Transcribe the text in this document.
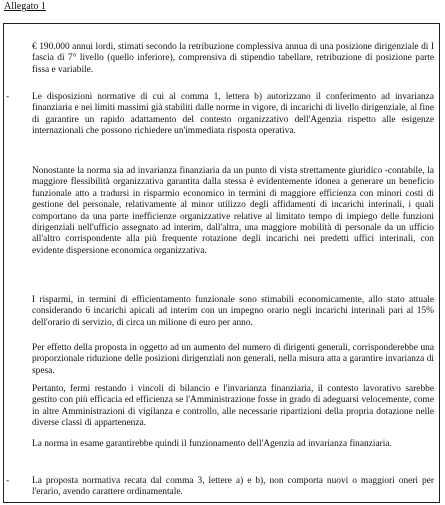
Allegato 1

€ 190.000 annui lordi, stimati secondo la retribuzione complessiva annua di una posizione dirigenziale di I fascia di 7° livello (quello inferiore), comprensiva di stipendio tabellare, retribuzione di posizione parte fissa e variabile.

- Le disposizioni normative di cui al comma 1, lettera b) autorizzano il conferimento ad invarianza finanziaria e nei limiti massimi già stabiliti dalle norme in vigore, di incarichi di livello dirigenziale, al fine di garantire un rapido adattamento del contesto organizzativo dell'Agenzia rispetto alle esigenze internazionali che possono richiedere un'immediata risposta operativa.

Nonostante la norma sia ad invarianza finanziaria da un punto di vista strettamente giuridico -contabile, la maggiore flessibilità organizzativa garantita dalla stessa è evidentemente idonea a generare un beneficio funzionale atto a tradursi in risparmio economico in termini di maggiore efficienza con minori costi di gestione del personale, relativamente al minor utilizzo degli affidamenti di incarichi interinali, i quali comportano da una parte inefficienze organizzative relative al limitato tempo di impiego delle funzioni dirigenziali nell'ufficio assegnato ad interim, dall'altra, una maggiore mobilità di personale da un ufficio all'altro corrispondente alla più frequente rotazione degli incarichi nei predetti uffici interinali, con evidente dispersione economica organizzativa.

I risparmi, in termini di efficientamento funzionale sono stimabili economicamente, allo stato attuale considerando 6 incarichi apicali ad interim con un impegno orario negli incarichi interinali pari al 15% dell'orario di servizio, di circa un milione di euro per anno.

Per effetto della proposta in oggetto ad un aumento del numero di dirigenti generali, corrisponderebbe una proporzionale riduzione delle posizioni dirigenziali non generali, nella misura atta a garantire invarianza di spesa.

Pertanto, fermi restando i vincoli di bilancio e l'invarianza finanziaria, il contesto lavorativo sarebbe gestito con più efficacia ed efficienza se l'Amministrazione fosse in grado di adeguarsi velocemente, come in altre Amministrazioni di vigilanza e controllo, alle necessarie ripartizioni della propria dotazione nelle diverse classi di appartenenza.

La norma in esame garantirebbe quindi il funzionamento dell'Agenzia ad invarianza finanziaria.

- La proposta normativa recata dal comma 3, lettere a) e b), non comporta nuovi o maggiori oneri per l'erario, avendo carattere ordinamentale.
